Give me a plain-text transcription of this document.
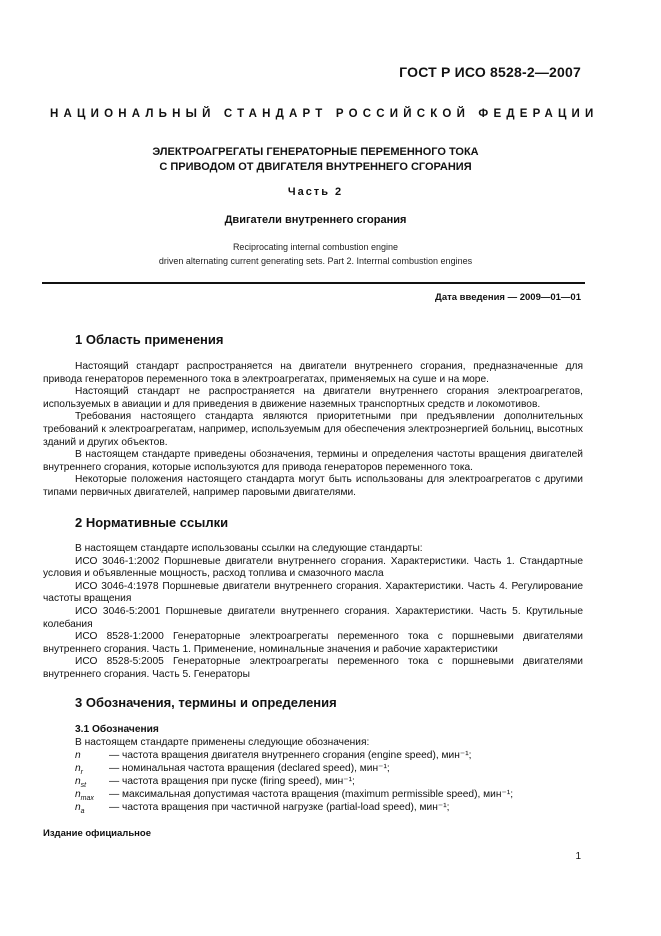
ГОСТ Р ИСО 8528-2—2007
НАЦИОНАЛЬНЫЙ СТАНДАРТ РОССИЙСКОЙ ФЕДЕРАЦИИ
ЭЛЕКТРОАГРЕГАТЫ ГЕНЕРАТОРНЫЕ ПЕРЕМЕННОГО ТОКА
С ПРИВОДОМ ОТ ДВИГАТЕЛЯ ВНУТРЕННЕГО СГОРАНИЯ
Часть 2
Двигатели внутреннего сгорания
Reciprocating internal combustion engine
driven alternating current generating sets. Part 2. Interrnal combustion engines
Дата введения — 2009—01—01
1 Область применения

Настоящий стандарт распространяется на двигатели внутреннего сгорания, предназначенные для привода генераторов переменного тока в электроагрегатах, применяемых на суше и на море.

Настоящий стандарт не распространяется на двигатели внутреннего сгорания электроагрегатов, используемых в авиации и для приведения в движение наземных транспортных средств и локомотивов.

Требования настоящего стандарта являются приоритетными при предъявлении дополнительных требований к электроагрегатам, например, используемым для обеспечения электроэнергией больниц, высотных зданий и других объектов.

В настоящем стандарте приведены обозначения, термины и определения частоты вращения двигателей внутреннего сгорания, которые используются для привода генераторов переменного тока.

Некоторые положения настоящего стандарта могут быть использованы для электроагрегатов с другими типами первичных двигателей, например паровыми двигателями.

2 Нормативные ссылки

В настоящем стандарте использованы ссылки на следующие стандарты:

ИСО 3046-1:2002 Поршневые двигатели внутреннего сгорания. Характеристики. Часть 1. Стандартные условия и объявленные мощность, расход топлива и смазочного масла

ИСО 3046-4:1978 Поршневые двигатели внутреннего сгорания. Характеристики. Часть 4. Регулирование частоты вращения

ИСО 3046-5:2001 Поршневые двигатели внутреннего сгорания. Характеристики. Часть 5. Крутильные колебания

ИСО 8528-1:2000 Генераторные электроагрегаты переменного тока с поршневыми двигателями внутреннего сгорания. Часть 1. Применение, номинальные значения и рабочие характеристики

ИСО 8528-5:2005 Генераторные электроагрегаты переменного тока с поршневыми двигателями внутреннего сгорания. Часть 5. Генераторы

3 Обозначения, термины и определения
3.1 Обозначения
В настоящем стандарте применены следующие обозначения:
n	— частота вращения двигателя внутреннего сгорания (engine speed), мин⁻¹;
$n_r$	— номинальная частота вращения (declared speed), мин⁻¹;
$n_{st}$ — частота вращения при пуске (firing speed), мин⁻¹;
$n_{max}$ — максимальная допустимая частота вращения (maximum permissible speed), мин⁻¹;
$n_a$ — частота вращения при частичной нагрузке (partial-load speed), мин⁻¹;
Издание официальное
1
